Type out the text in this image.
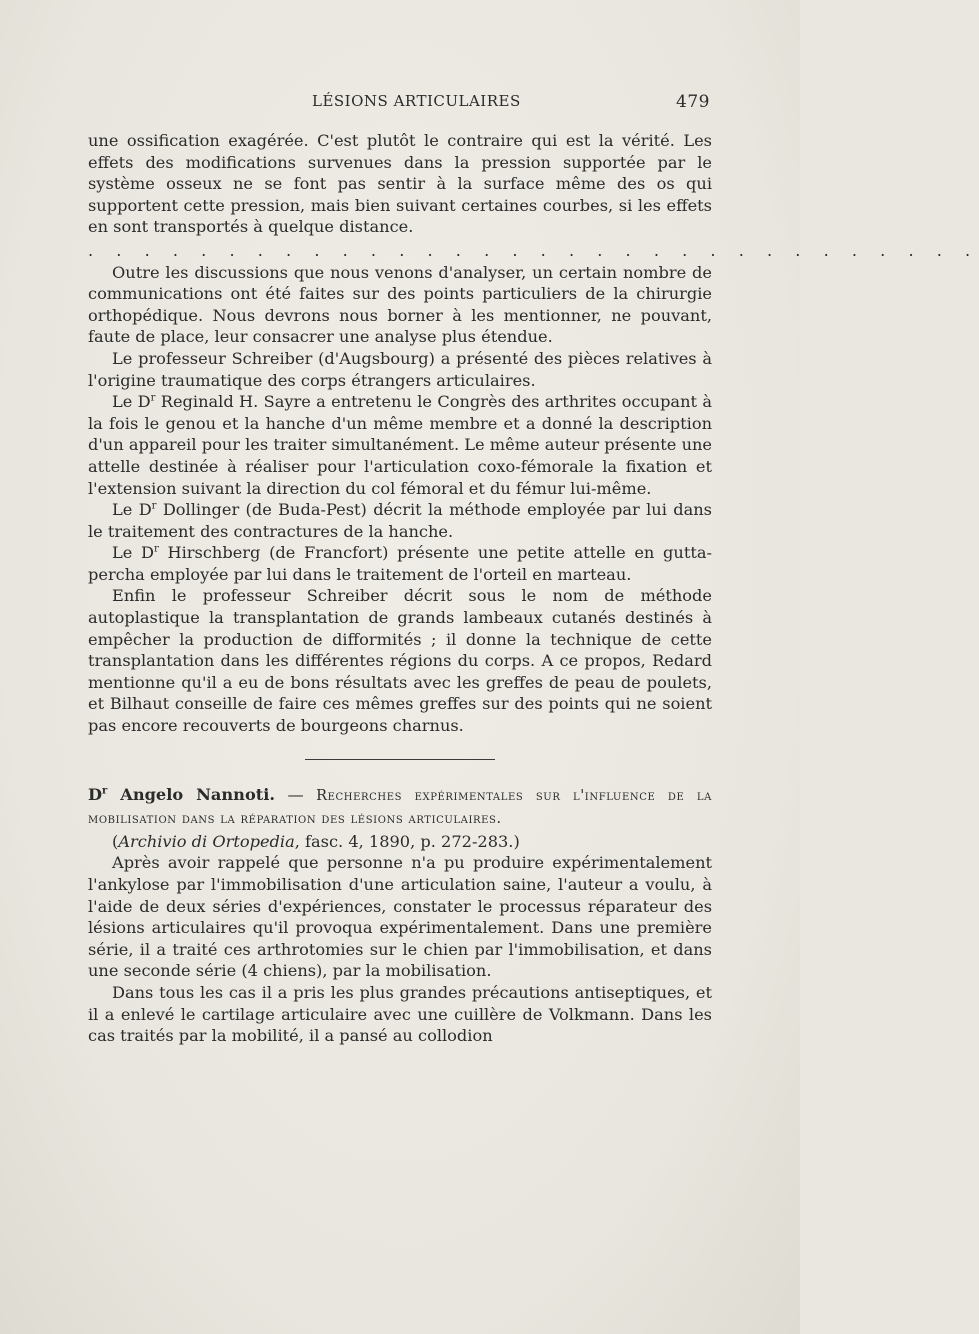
LÉSIONS ARTICULAIRES	479

une ossification exagérée. C'est plutôt le contraire qui est la vérité. Les effets des modifications survenues dans la pression supportée par le système osseux ne se font pas sentir à la surface même des os qui supportent cette pression, mais bien suivant certaines courbes, si les effets en sont transportés à quelque distance.

. . . . . . . . . . . . . . . . . . . . . . . . . . . . . . . .

Outre les discussions que nous venons d'analyser, un certain nombre de communications ont été faites sur des points particuliers de la chirurgie orthopédique. Nous devrons nous borner à les mentionner, ne pouvant, faute de place, leur consacrer une analyse plus étendue.

Le professeur Schreiber (d'Augsbourg) a présenté des pièces relatives à l'origine traumatique des corps étrangers articulaires.

Le $D^r$ Reginald H. Sayre a entretenu le Congrès des arthrites occupant à la fois le genou et la hanche d'un même membre et a donné la description d'un appareil pour les traiter simultanément. Le même auteur présente une attelle destinée à réaliser pour l'articulation coxo-fémorale la fixation et l'extension suivant la direction du col fémoral et du fémur lui-même.

Le $D^r$ Dollinger (de Buda-Pest) décrit la méthode employée par lui dans le traitement des contractures de la hanche.

Le $D^r$ Hirschberg (de Francfort) présente une petite attelle en gutta-percha employée par lui dans le traitement de l'orteil en marteau.

Enfin le professeur Schreiber décrit sous le nom de méthode autoplastique la transplantation de grands lambeaux cutanés destinés à empêcher la production de difformités ; il donne la technique de cette transplantation dans les différentes régions du corps. A ce propos, Redard mentionne qu'il a eu de bons résultats avec les greffes de peau de poulets, et Bilhaut conseille de faire ces mêmes greffes sur des points qui ne soient pas encore recouverts de bourgeons charnus.

$D^r$ Angelo Nannoti. — Recherches expérimentales sur l'influence de la mobilisation dans la réparation des lésions articulaires.

(Archivio di Ortopedia, fasc. 4, 1890, p. 272-283.)

Après avoir rappelé que personne n'a pu produire expérimentalement l'ankylose par l'immobilisation d'une articulation saine, l'auteur a voulu, à l'aide de deux séries d'expériences, constater le processus réparateur des lésions articulaires qu'il provoqua expérimentalement. Dans une première série, il a traité ces arthrotomies sur le chien par l'immobilisation, et dans une seconde série (4 chiens), par la mobilisation.

Dans tous les cas il a pris les plus grandes précautions antiseptiques, et il a enlevé le cartilage articulaire avec une cuillère de Volkmann. Dans les cas traités par la mobilité, il a pansé au collodion
